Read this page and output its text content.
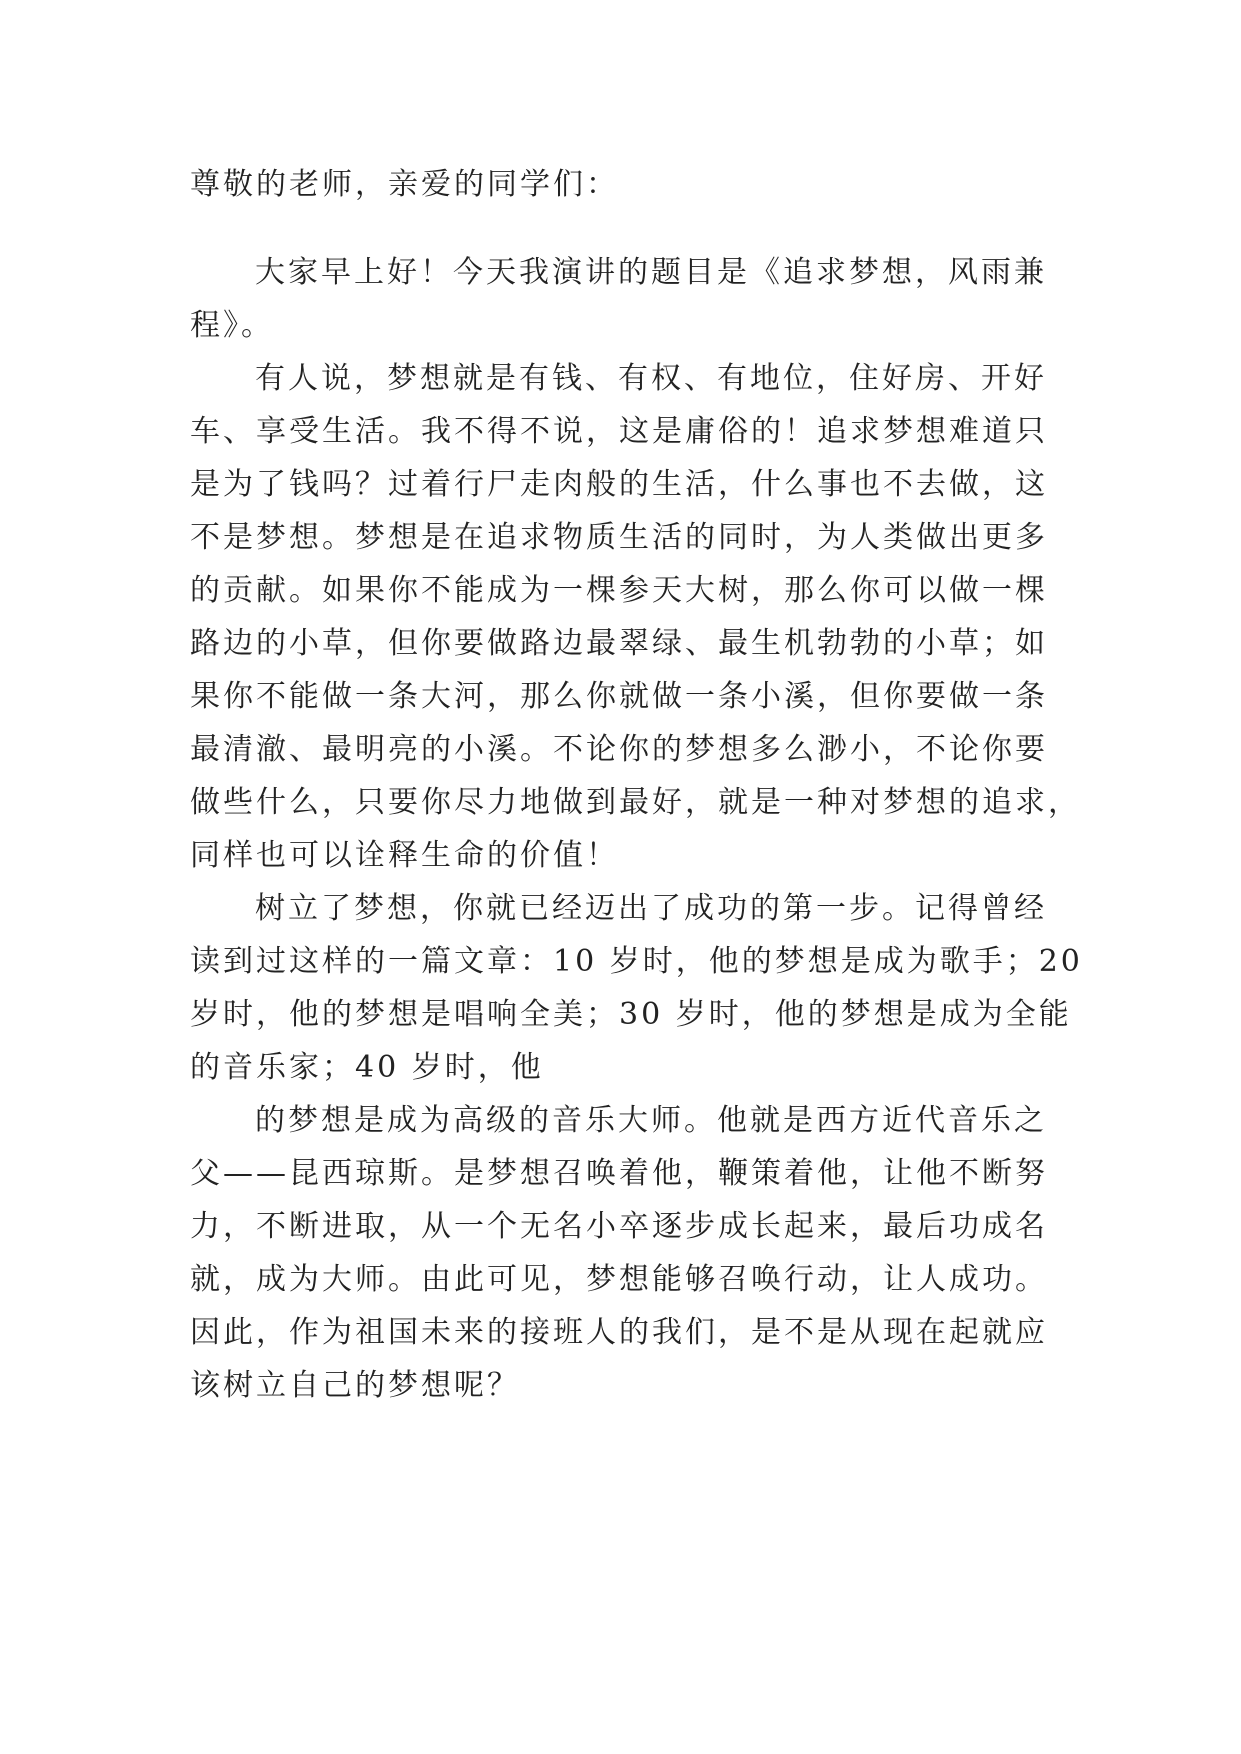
尊敬的老师，亲爱的同学们：
大家早上好！今天我演讲的题目是《追求梦想，风雨兼
程》。
有人说，梦想就是有钱、有权、有地位，住好房、开好
车、享受生活。我不得不说，这是庸俗的！追求梦想难道只
是为了钱吗？过着行尸走肉般的生活，什么事也不去做，这
不是梦想。梦想是在追求物质生活的同时，为人类做出更多
的贡献。如果你不能成为一棵参天大树，那么你可以做一棵
路边的小草，但你要做路边最翠绿、最生机勃勃的小草；如
果你不能做一条大河，那么你就做一条小溪，但你要做一条
最清澈、最明亮的小溪。不论你的梦想多么渺小，不论你要
做些什么，只要你尽力地做到最好，就是一种对梦想的追求，
同样也可以诠释生命的价值！
树立了梦想，你就已经迈出了成功的第一步。记得曾经
读到过这样的一篇文章：10 岁时，他的梦想是成为歌手；20
岁时，他的梦想是唱响全美；30 岁时，他的梦想是成为全能
的音乐家；40 岁时，他
的梦想是成为高级的音乐大师。他就是西方近代音乐之
父——昆西琼斯。是梦想召唤着他，鞭策着他，让他不断努
力，不断进取，从一个无名小卒逐步成长起来，最后功成名
就，成为大师。由此可见，梦想能够召唤行动，让人成功。
因此，作为祖国未来的接班人的我们，是不是从现在起就应
该树立自己的梦想呢？
